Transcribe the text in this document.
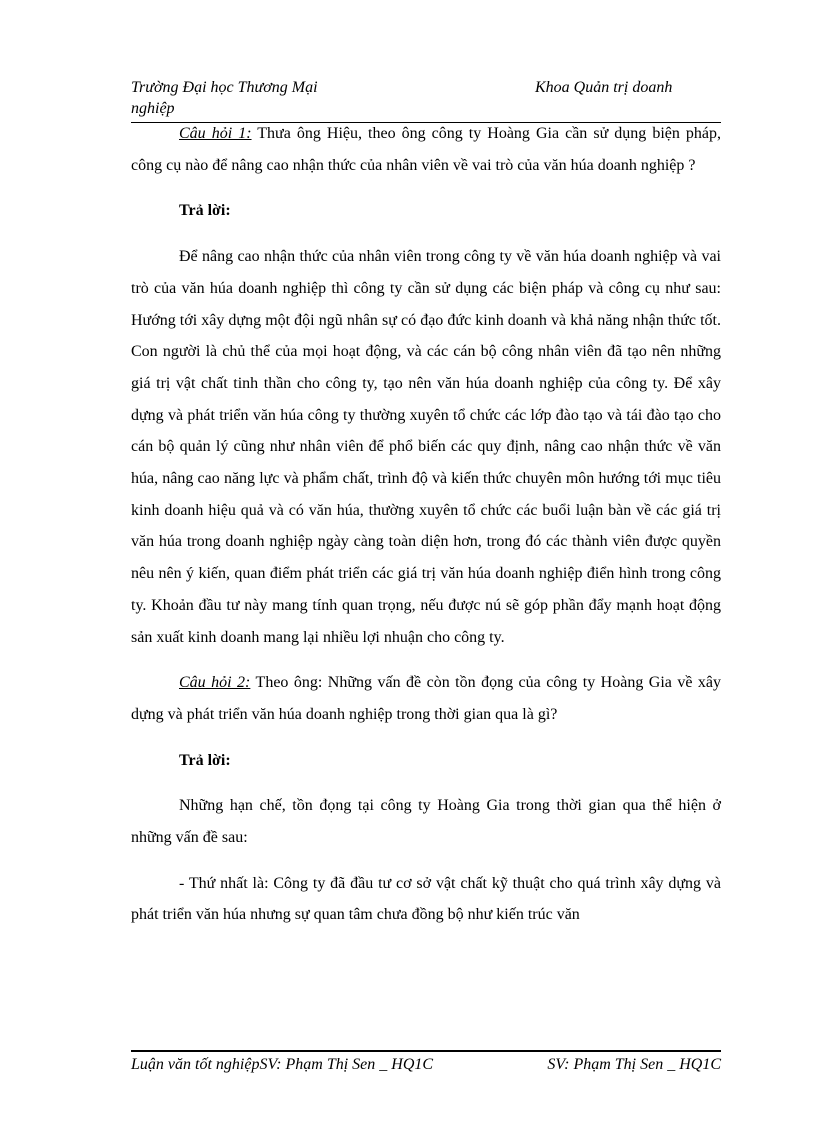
Trường Đại học Thương Mại	Khoa Quản trị doanh
nghiệp

Câu hỏi 1: Thưa ông Hiệu, theo ông công ty Hoàng Gia cần sử dụng biện pháp, công cụ nào để nâng cao nhận thức của nhân viên về vai trò của văn húa doanh nghiệp ?

Trả lời:

Để nâng cao nhận thức của nhân viên trong công ty về văn húa doanh nghiệp và vai trò của văn húa doanh nghiệp thì công ty cần sử dụng các biện pháp và công cụ như sau: Hướng tới xây dựng một đội ngũ nhân sự có đạo đức kinh doanh và khả năng nhận thức tốt. Con người là chủ thể của mọi hoạt động, và các cán bộ công nhân viên đã tạo nên những giá trị vật chất tinh thần cho công ty, tạo nên văn húa doanh nghiệp của công ty. Để xây dựng và phát triển văn húa công ty thường xuyên tổ chức các lớp đào tạo và tái đào tạo cho cán bộ quản lý cũng như nhân viên để phổ biến các quy định, nâng cao nhận thức về văn húa, nâng cao năng lực và phẩm chất, trình độ và kiến thức chuyên môn hướng tới mục tiêu kinh doanh hiệu quả và có văn húa, thường xuyên tổ chức các buổi luận bàn về các giá trị văn húa trong doanh nghiệp ngày càng toàn diện hơn, trong đó các thành viên được quyền nêu nên ý kiến, quan điểm phát triển các giá trị văn húa doanh nghiệp điển hình trong công ty. Khoản đầu tư này mang tính quan trọng, nếu được nú sẽ góp phần đẩy mạnh hoạt động sản xuất kinh doanh mang lại nhiều lợi nhuận cho công ty.

Câu hỏi 2: Theo ông: Những vấn đề còn tồn đọng của công ty Hoàng Gia về xây dựng và phát triển văn húa doanh nghiệp trong thời gian qua là gì?

Trả lời:

Những hạn chế, tồn đọng tại công ty Hoàng Gia trong thời gian qua thể hiện ở những vấn đề sau:

- Thứ nhất là: Công ty đã đầu tư cơ sở vật chất kỹ thuật cho quá trình xây dựng và phát triển văn húa nhưng sự quan tâm chưa đồng bộ như kiến trúc văn

Luận văn tốt nghiệpSV: Phạm Thị Sen _ HQ1C	SV: Phạm Thị Sen _ HQ1C
